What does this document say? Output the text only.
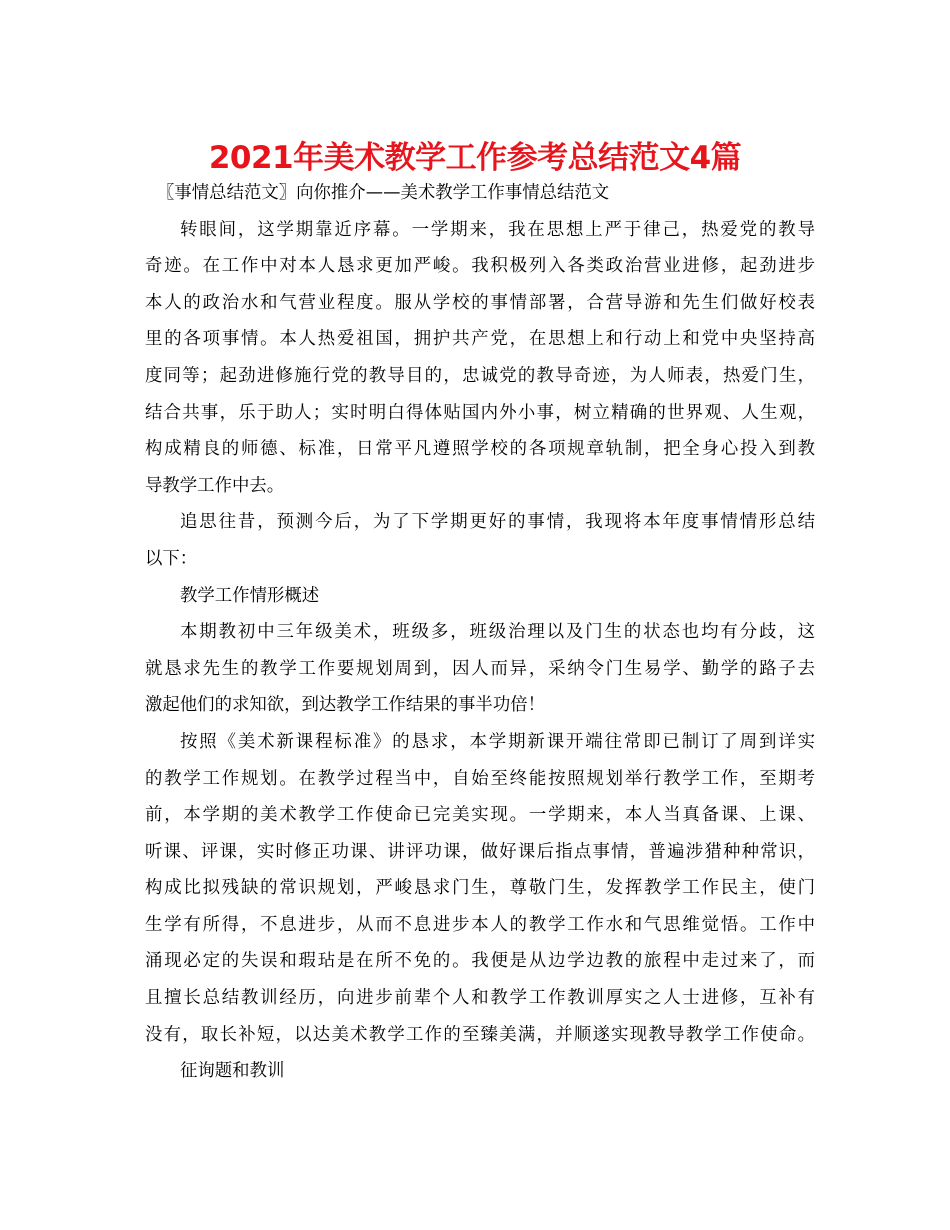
2021年美术教学工作参考总结范文4篇
〖事情总结范文〗向你推介——美术教学工作事情总结范文
转眼间，这学期靠近序幕。一学期来，我在思想上严于律己，热爱党的教导
奇迹。在工作中对本人恳求更加严峻。我积极列入各类政治营业进修，起劲进步
本人的政治水和气营业程度。服从学校的事情部署，合营导游和先生们做好校表
里的各项事情。本人热爱祖国，拥护共产党，在思想上和行动上和党中央坚持高
度同等；起劲进修施行党的教导目的，忠诚党的教导奇迹，为人师表，热爱门生，
结合共事，乐于助人；实时明白得体贴国内外小事，树立精确的世界观、人生观，
构成精良的师德、标准，日常平凡遵照学校的各项规章轨制，把全身心投入到教
导教学工作中去。
追思往昔，预测今后，为了下学期更好的事情，我现将本年度事情情形总结
以下：
教学工作情形概述
本期教初中三年级美术，班级多，班级治理以及门生的状态也均有分歧，这
就恳求先生的教学工作要规划周到，因人而异，采纳令门生易学、勤学的路子去
激起他们的求知欲，到达教学工作结果的事半功倍！
按照《美术新课程标准》的恳求，本学期新课开端往常即已制订了周到详实
的教学工作规划。在教学过程当中，自始至终能按照规划举行教学工作，至期考
前，本学期的美术教学工作使命已完美实现。一学期来，本人当真备课、上课、
听课、评课，实时修正功课、讲评功课，做好课后指点事情，普遍涉猎种种常识，
构成比拟残缺的常识规划，严峻恳求门生，尊敬门生，发挥教学工作民主，使门
生学有所得，不息进步，从而不息进步本人的教学工作水和气思维觉悟。工作中
涌现必定的失误和瑕玷是在所不免的。我便是从边学边教的旅程中走过来了，而
且擅长总结教训经历，向进步前辈个人和教学工作教训厚实之人士进修，互补有
没有，取长补短，以达美术教学工作的至臻美满，并顺遂实现教导教学工作使命。
征询题和教训
